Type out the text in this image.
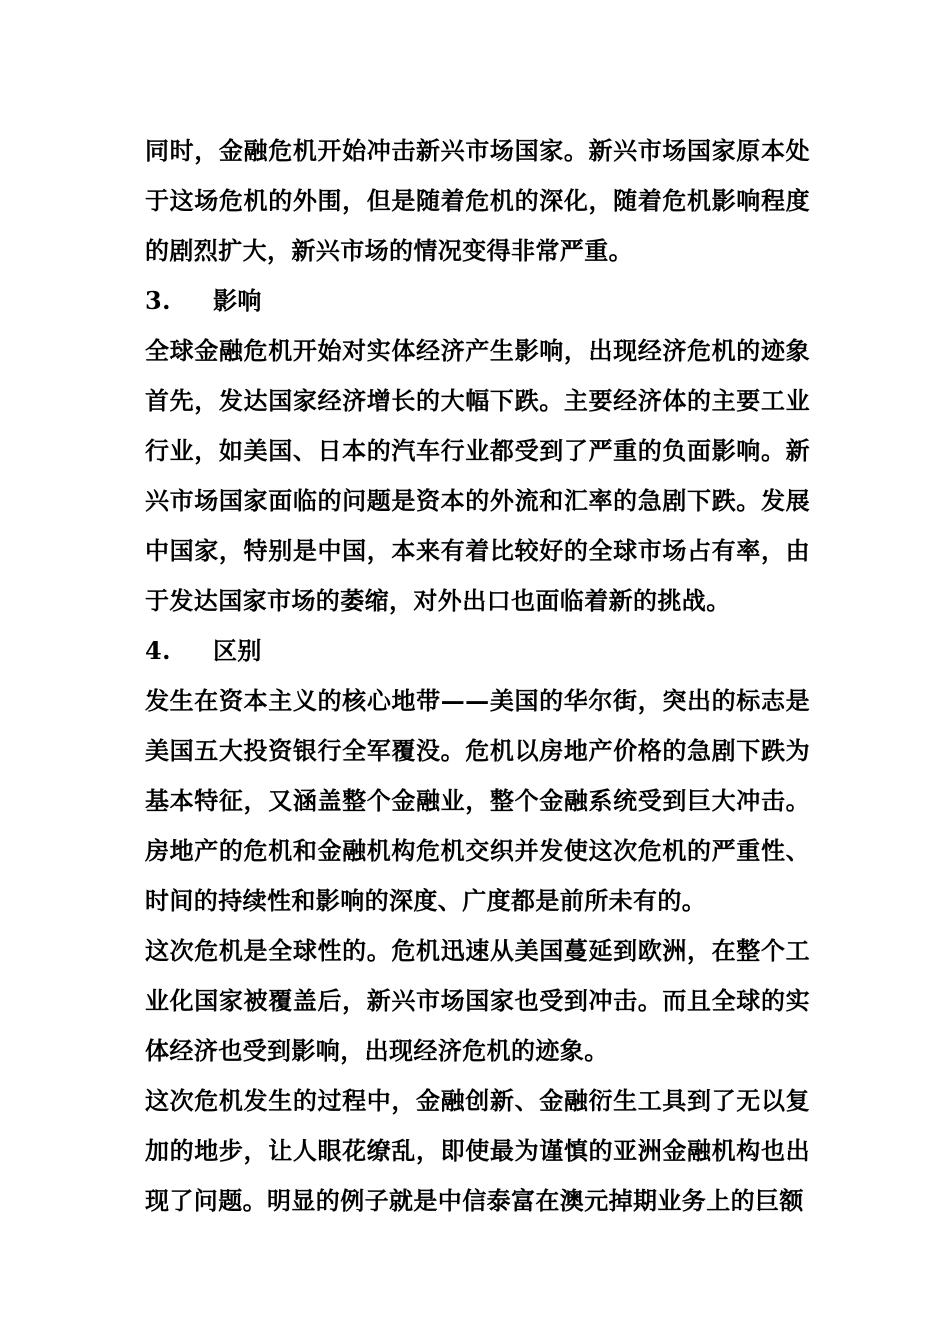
同时，金融危机开始冲击新兴市场国家。新兴市场国家原本处于这场危机的外围，但是随着危机的深化，随着危机影响程度的剧烈扩大，新兴市场的情况变得非常严重。

3.	影响

全球金融危机开始对实体经济产生影响，出现经济危机的迹象首先，发达国家经济增长的大幅下跌。主要经济体的主要工业行业，如美国、日本的汽车行业都受到了严重的负面影响。新兴市场国家面临的问题是资本的外流和汇率的急剧下跌。发展中国家，特别是中国，本来有着比较好的全球市场占有率，由于发达国家市场的萎缩，对外出口也面临着新的挑战。

4.	区别

发生在资本主义的核心地带——美国的华尔街，突出的标志是美国五大投资银行全军覆没。危机以房地产价格的急剧下跌为基本特征，又涵盖整个金融业，整个金融系统受到巨大冲击。房地产的危机和金融机构危机交织并发使这次危机的严重性、时间的持续性和影响的深度、广度都是前所未有的。

这次危机是全球性的。危机迅速从美国蔓延到欧洲，在整个工业化国家被覆盖后，新兴市场国家也受到冲击。而且全球的实体经济也受到影响，出现经济危机的迹象。

这次危机发生的过程中，金融创新、金融衍生工具到了无以复加的地步，让人眼花缭乱，即使最为谨慎的亚洲金融机构也出现了问题。明显的例子就是中信泰富在澳元掉期业务上的巨额
